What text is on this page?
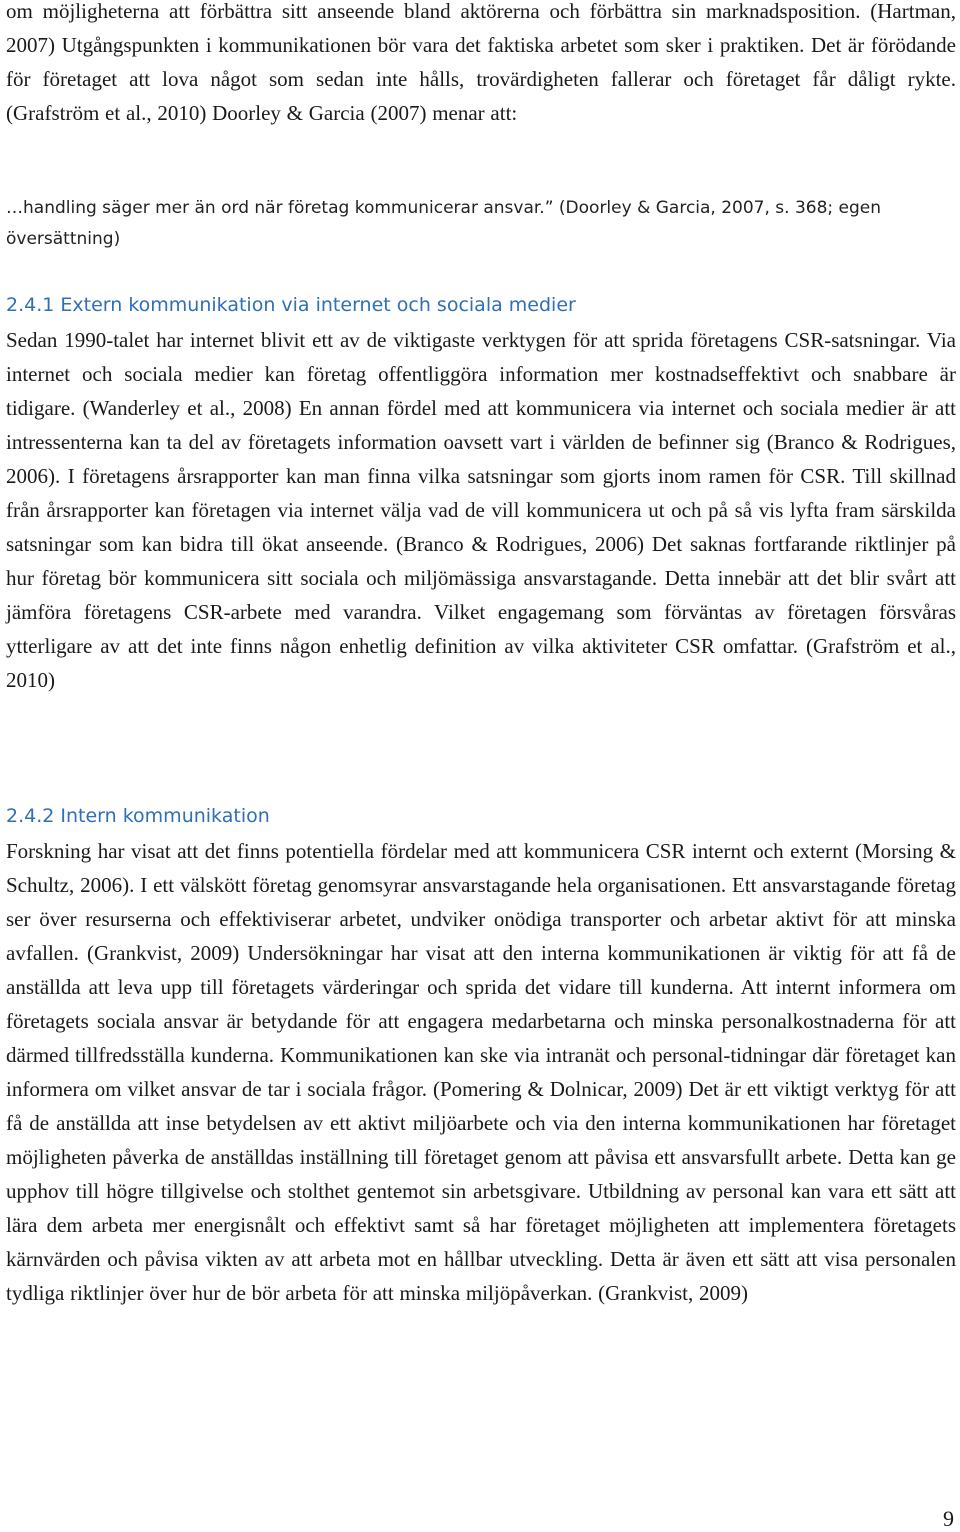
om möjligheterna att förbättra sitt anseende bland aktörerna och förbättra sin marknadsposition. (Hartman, 2007) Utgångspunkten i kommunikationen bör vara det faktiska arbetet som sker i praktiken. Det är förödande för företaget att lova något som sedan inte hålls, trovärdigheten fallerar och företaget får dåligt rykte. (Grafström et al., 2010) Doorley & Garcia (2007) menar att:

…handling säger mer än ord när företag kommunicerar ansvar.” (Doorley & Garcia, 2007, s. 368; egen översättning)

2.4.1 Extern kommunikation via internet och sociala medier

Sedan 1990-talet har internet blivit ett av de viktigaste verktygen för att sprida företagens CSR-satsningar. Via internet och sociala medier kan företag offentliggöra information mer kostnadseffektivt och snabbare är tidigare. (Wanderley et al., 2008) En annan fördel med att kommunicera via internet och sociala medier är att intressenterna kan ta del av företagets information oavsett vart i världen de befinner sig (Branco & Rodrigues, 2006). I företagens årsrapporter kan man finna vilka satsningar som gjorts inom ramen för CSR. Till skillnad från årsrapporter kan företagen via internet välja vad de vill kommunicera ut och på så vis lyfta fram särskilda satsningar som kan bidra till ökat anseende. (Branco & Rodrigues, 2006) Det saknas fortfarande riktlinjer på hur företag bör kommunicera sitt sociala och miljömässiga ansvarstagande. Detta innebär att det blir svårt att jämföra företagens CSR-arbete med varandra. Vilket engagemang som förväntas av företagen försvåras ytterligare av att det inte finns någon enhetlig definition av vilka aktiviteter CSR omfattar. (Grafström et al., 2010)

2.4.2 Intern kommunikation

Forskning har visat att det finns potentiella fördelar med att kommunicera CSR internt och externt (Morsing & Schultz, 2006). I ett välskött företag genomsyrar ansvarstagande hela organisationen. Ett ansvarstagande företag ser över resurserna och effektiviserar arbetet, undviker onödiga transporter och arbetar aktivt för att minska avfallen. (Grankvist, 2009) Undersökningar har visat att den interna kommunikationen är viktig för att få de anställda att leva upp till företagets värderingar och sprida det vidare till kunderna. Att internt informera om företagets sociala ansvar är betydande för att engagera medarbetarna och minska personalkostnaderna för att därmed tillfredsställa kunderna. Kommunikationen kan ske via intranät och personal-tidningar där företaget kan informera om vilket ansvar de tar i sociala frågor. (Pomering & Dolnicar, 2009) Det är ett viktigt verktyg för att få de anställda att inse betydelsen av ett aktivt miljöarbete och via den interna kommunikationen har företaget möjligheten påverka de anställdas inställning till företaget genom att påvisa ett ansvarsfullt arbete. Detta kan ge upphov till högre tillgivelse och stolthet gentemot sin arbetsgivare. Utbildning av personal kan vara ett sätt att lära dem arbeta mer energisnålt och effektivt samt så har företaget möjligheten att implementera företagets kärnvärden och påvisa vikten av att arbeta mot en hållbar utveckling. Detta är även ett sätt att visa personalen tydliga riktlinjer över hur de bör arbeta för att minska miljöpåverkan. (Grankvist, 2009)

9
